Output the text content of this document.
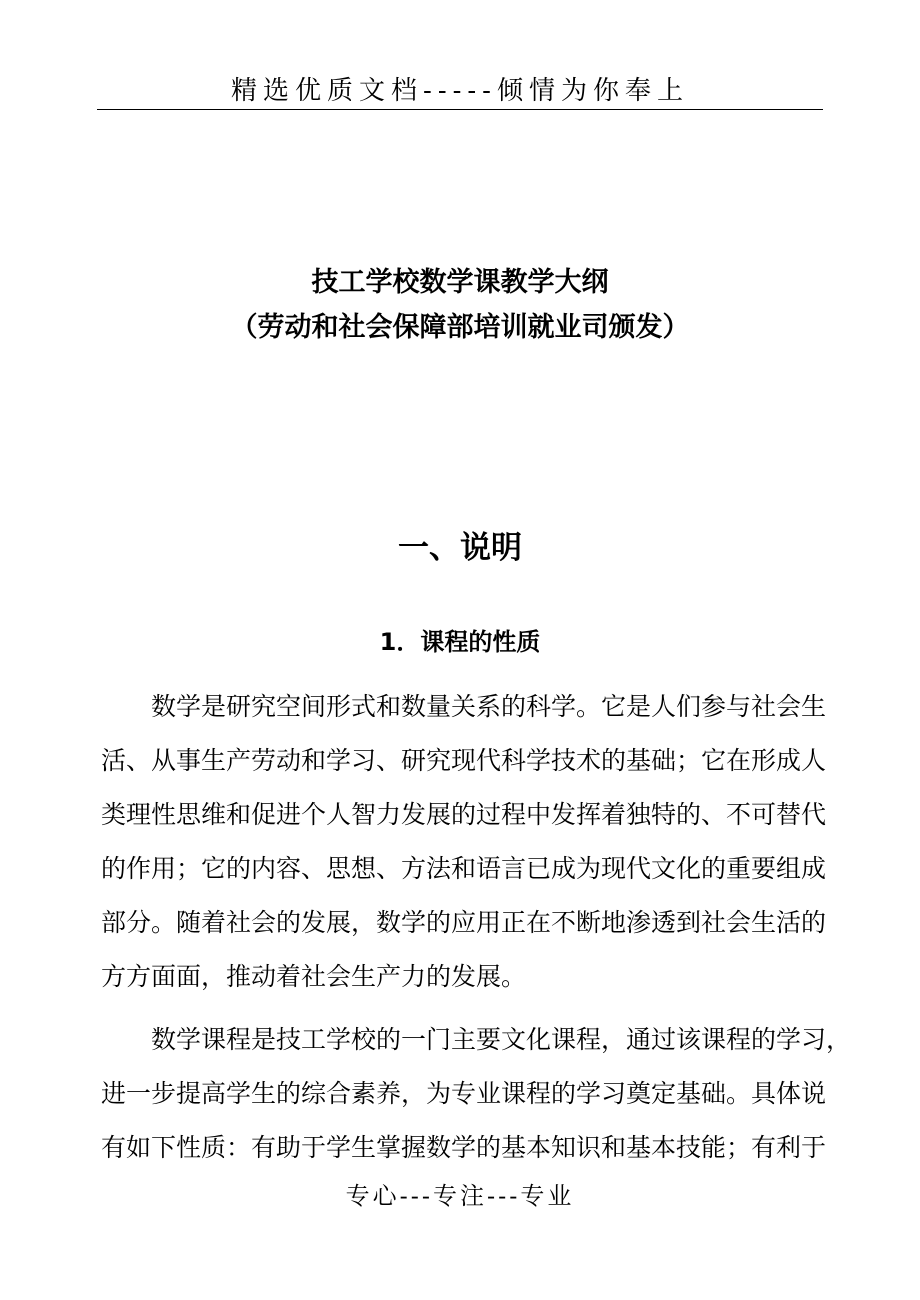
精选优质文档-----倾情为你奉上
技工学校数学课教学大纲
（劳动和社会保障部培训就业司颁发）
一、说明
1．课程的性质
　　数学是研究空间形式和数量关系的科学。它是人们参与社会生
活、从事生产劳动和学习、研究现代科学技术的基础；它在形成人
类理性思维和促进个人智力发展的过程中发挥着独特的、不可替代
的作用；它的内容、思想、方法和语言已成为现代文化的重要组成
部分。随着社会的发展，数学的应用正在不断地渗透到社会生活的
方方面面，推动着社会生产力的发展。
　　数学课程是技工学校的一门主要文化课程，通过该课程的学习，
进一步提高学生的综合素养，为专业课程的学习奠定基础。具体说
有如下性质：有助于学生掌握数学的基本知识和基本技能；有利于
专心---专注---专业
